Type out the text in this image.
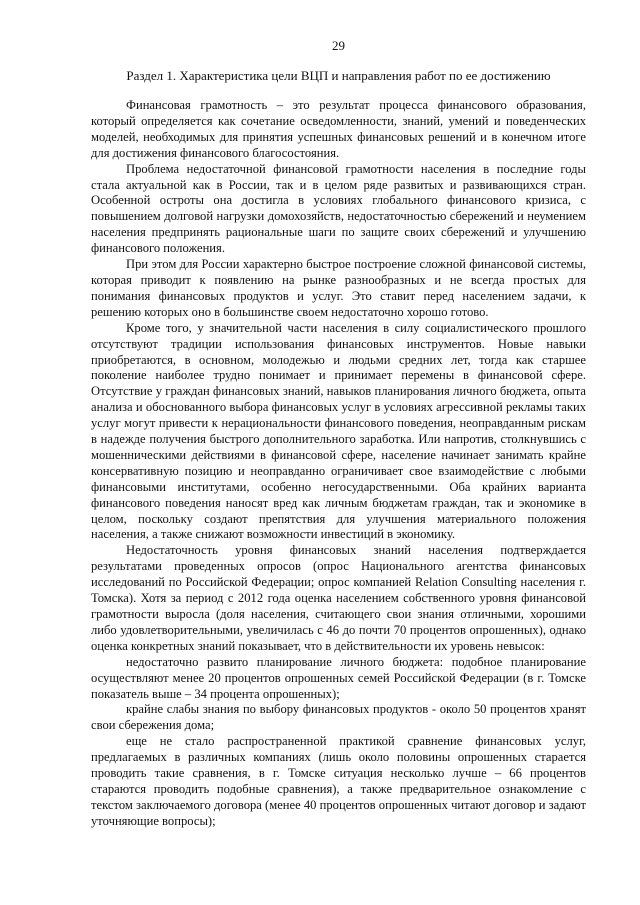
29
Раздел 1. Характеристика цели ВЦП и направления работ по ее достижению

Финансовая грамотность – это результат процесса финансового образования, который определяется как сочетание осведомленности, знаний, умений и поведенческих моделей, необходимых для принятия успешных финансовых решений и в конечном итоге для достижения финансового благосостояния.

Проблема недостаточной финансовой грамотности населения в последние годы стала актуальной как в России, так и в целом ряде развитых и развивающихся стран. Особенной остроты она достигла в условиях глобального финансового кризиса, с повышением долговой нагрузки домохозяйств, недостаточностью сбережений и неумением населения предпринять рациональные шаги по защите своих сбережений и улучшению финансового положения.

При этом для России характерно быстрое построение сложной финансовой системы, которая приводит к появлению на рынке разнообразных и не всегда простых для понимания финансовых продуктов и услуг. Это ставит перед населением задачи, к решению которых оно в большинстве своем недостаточно хорошо готово.

Кроме того, у значительной части населения в силу социалистического прошлого отсутствуют традиции использования финансовых инструментов. Новые навыки приобретаются, в основном, молодежью и людьми средних лет, тогда как старшее поколение наиболее трудно понимает и принимает перемены в финансовой сфере. Отсутствие у граждан финансовых знаний, навыков планирования личного бюджета, опыта анализа и обоснованного выбора финансовых услуг в условиях агрессивной рекламы таких услуг могут привести к нерациональности финансового поведения, неоправданным рискам в надежде получения быстрого дополнительного заработка. Или напротив, столкнувшись с мошенническими действиями в финансовой сфере, население начинает занимать крайне консервативную позицию и неоправданно ограничивает свое взаимодействие с любыми финансовыми институтами, особенно негосударственными. Оба крайних варианта финансового поведения наносят вред как личным бюджетам граждан, так и экономике в целом, поскольку создают препятствия для улучшения материального положения населения, а также снижают возможности инвестиций в экономику.

Недостаточность уровня финансовых знаний населения подтверждается результатами проведенных опросов (опрос Национального агентства финансовых исследований по Российской Федерации; опрос компанией Relation Consulting населения г. Томска). Хотя за период с 2012 года оценка населением собственного уровня финансовой грамотности выросла (доля населения, считающего свои знания отличными, хорошими либо удовлетворительными, увеличилась с 46 до почти 70 процентов опрошенных), однако оценка конкретных знаний показывает, что в действительности их уровень невысок:

недостаточно развито планирование личного бюджета: подобное планирование осуществляют менее 20 процентов опрошенных семей Российской Федерации (в г. Томске показатель выше – 34 процента опрошенных);

крайне слабы знания по выбору финансовых продуктов - около 50 процентов хранят свои сбережения дома;

еще не стало распространенной практикой сравнение финансовых услуг, предлагаемых в различных компаниях (лишь около половины опрошенных старается проводить такие сравнения, в г. Томске ситуация несколько лучше – 66 процентов стараются проводить подобные сравнения), а также предварительное ознакомление с текстом заключаемого договора (менее 40 процентов опрошенных читают договор и задают уточняющие вопросы);
